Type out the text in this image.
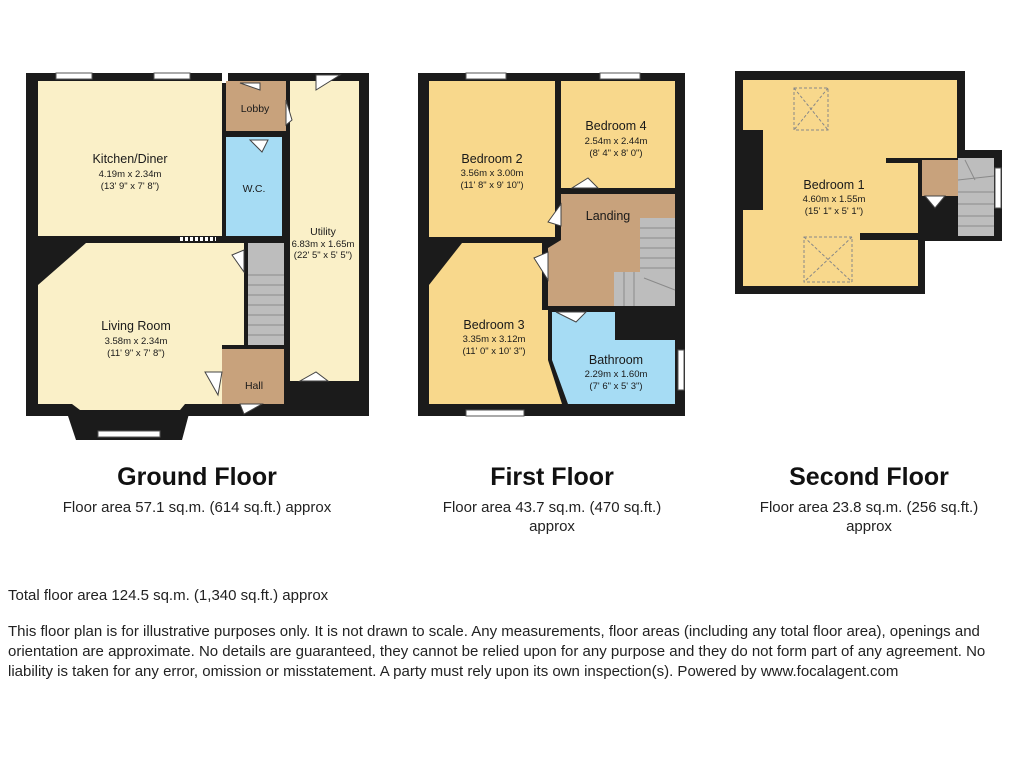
Kitchen/Diner
4.19m x 2.34m
(13' 9" x 7' 8")
Lobby
W.C.
Utility
6.83m x 1.65m
(22' 5" x 5' 5")
Living Room
3.58m x 2.34m
(11' 9" x 7' 8")
Hall
Bedroom 2
3.56m x 3.00m
(11' 8" x 9' 10")
Bedroom 4
2.54m x 2.44m
(8' 4" x 8' 0")
Landing
Bedroom 3
3.35m x 3.12m
(11' 0" x 10' 3")
Bathroom
2.29m x 1.60m
(7' 6" x 5' 3")
Bedroom 1
4.60m x 1.55m
(15' 1" x 5' 1")
Ground Floor
Floor area 57.1 sq.m. (614 sq.ft.) approx
First Floor
Floor area 43.7 sq.m. (470 sq.ft.)
approx
Second Floor
Floor area 23.8 sq.m. (256 sq.ft.)
approx
Total floor area 124.5 sq.m. (1,340 sq.ft.) approx
This floor plan is for illustrative purposes only. It is not drawn to scale. Any measurements, floor areas (including any total floor area), openings and orientation are approximate. No details are guaranteed, they cannot be relied upon for any purpose and they do not form part of any agreement. No liability is taken for any error, omission or misstatement. A party must rely upon its own inspection(s). Powered by www.focalagent.com
